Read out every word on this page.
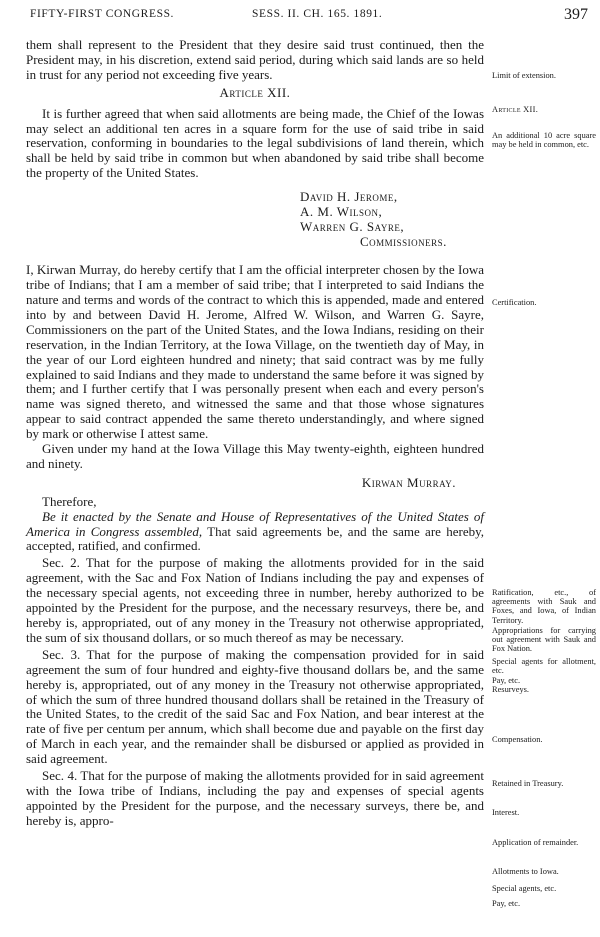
FIFTY-FIRST CONGRESS.	SESS. II. CH. 165. 1891.	397

them shall represent to the President that they desire said trust continued, then the President may, in his discretion, extend said period, during which said lands are so held in trust for any period not exceeding five years.

Article XII.

It is further agreed that when said allotments are being made, the Chief of the Iowas may select an additional ten acres in a square form for the use of said tribe in said reservation, conforming in boundaries to the legal subdivisions of land therein, which shall be held by said tribe in common but when abandoned by said tribe shall become the property of the United States.

David H. Jerome,
A. M. Wilson,
Warren G. Sayre,
Commissioners.

I, Kirwan Murray, do hereby certify that I am the official interpreter chosen by the Iowa tribe of Indians; that I am a member of said tribe; that I interpreted to said Indians the nature and terms and words of the contract to which this is appended, made and entered into by and between David H. Jerome, Alfred W. Wilson, and Warren G. Sayre, Commissioners on the part of the United States, and the Iowa Indians, residing on their reservation, in the Indian Territory, at the Iowa Village, on the twentieth day of May, in the year of our Lord eighteen hundred and ninety; that said contract was by me fully explained to said Indians and they made to understand the same before it was signed by them; and I further certify that I was personally present when each and every person's name was signed thereto, and witnessed the same and that those whose signatures appear to said contract appended the same thereto understandingly, and where signed by mark or otherwise I attest same.

Given under my hand at the Iowa Village this May twenty-eighth, eighteen hundred and ninety.

Kirwan Murray.

Therefore,

Be it enacted by the Senate and House of Representatives of the United States of America in Congress assembled, That said agreements be, and the same are hereby, accepted, ratified, and confirmed.

Sec. 2. That for the purpose of making the allotments provided for in the said agreement, with the Sac and Fox Nation of Indians including the pay and expenses of the necessary special agents, not exceeding three in number, hereby authorized to be appointed by the President for the purpose, and the necessary resurveys, there be, and hereby is, appropriated, out of any money in the Treasury not otherwise appropriated, the sum of six thousand dollars, or so much thereof as may be necessary.

Sec. 3. That for the purpose of making the compensation provided for in said agreement the sum of four hundred and eighty-five thousand dollars be, and the same hereby is, appropriated, out of any money in the Treasury not otherwise appropriated, of which the sum of three hundred thousand dollars shall be retained in the Treasury of the United States, to the credit of the said Sac and Fox Nation, and bear interest at the rate of five per centum per annum, which shall become due and payable on the first day of March in each year, and the remainder shall be disbursed or applied as provided in said agreement.

Sec. 4. That for the purpose of making the allotments provided for in said agreement with the Iowa tribe of Indians, including the pay and expenses of special agents appointed by the President for the purpose, and the necessary surveys, there be, and hereby is, appro-

Limit of extension.
Article XII.
An additional 10 acre square may be held in common, etc.
Certification.
Ratification, etc., of agreements with Sauk and Foxes, and Iowa, of Indian Territory.
Appropriations for carrying out agreement with Sauk and Fox Nation.
Special agents for allotment, etc.
Pay, etc.
Resurveys.
Compensation.
Retained in Treasury.
Interest.
Application of remainder.
Allotments to Iowa.
Special agents, etc.
Pay, etc.
